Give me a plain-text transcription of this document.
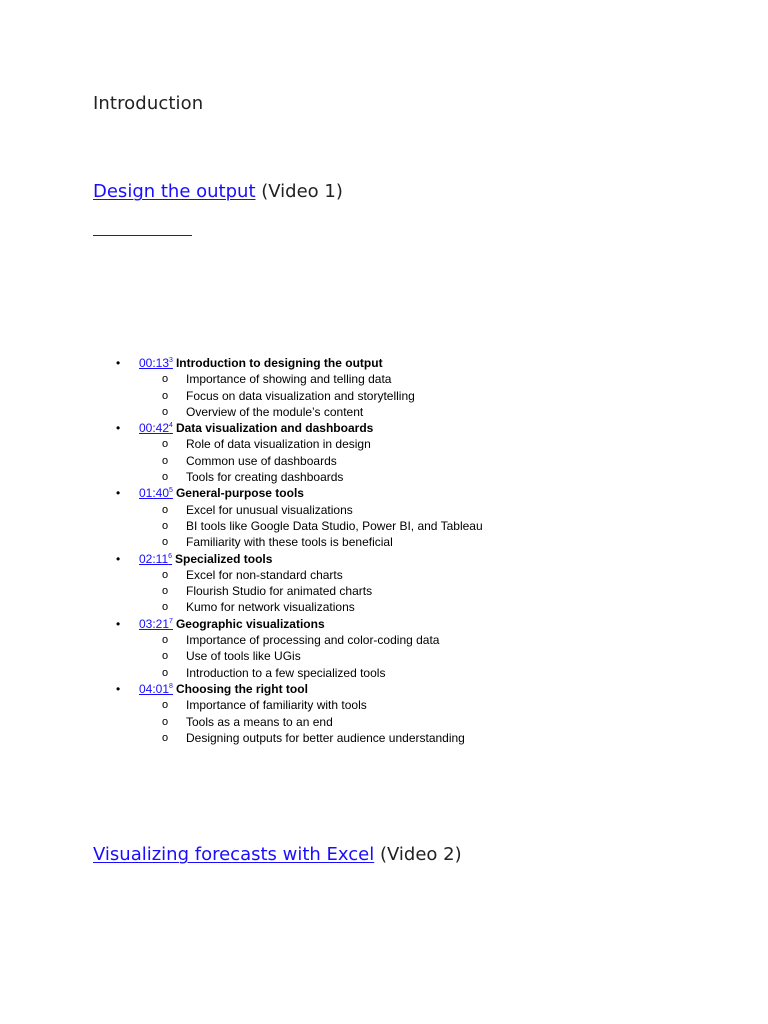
Introduction
Design the output (Video 1)
• 00:13$^3$ Introduction to designing the output
o Importance of showing and telling data
o Focus on data visualization and storytelling
o Overview of the module’s content
• 00:42$^4$ Data visualization and dashboards
o Role of data visualization in design
o Common use of dashboards
o Tools for creating dashboards
• 01:40$^5$ General-purpose tools
o Excel for unusual visualizations
o BI tools like Google Data Studio, Power BI, and Tableau
o Familiarity with these tools is beneficial
• 02:11$^6$ Specialized tools
o Excel for non-standard charts
o Flourish Studio for animated charts
o Kumo for network visualizations
• 03:21$^7$ Geographic visualizations
o Importance of processing and color-coding data
o Use of tools like UGis
o Introduction to a few specialized tools
• 04:01$^8$ Choosing the right tool
o Importance of familiarity with tools
o Tools as a means to an end
o Designing outputs for better audience understanding
Visualizing forecasts with Excel (Video 2)
